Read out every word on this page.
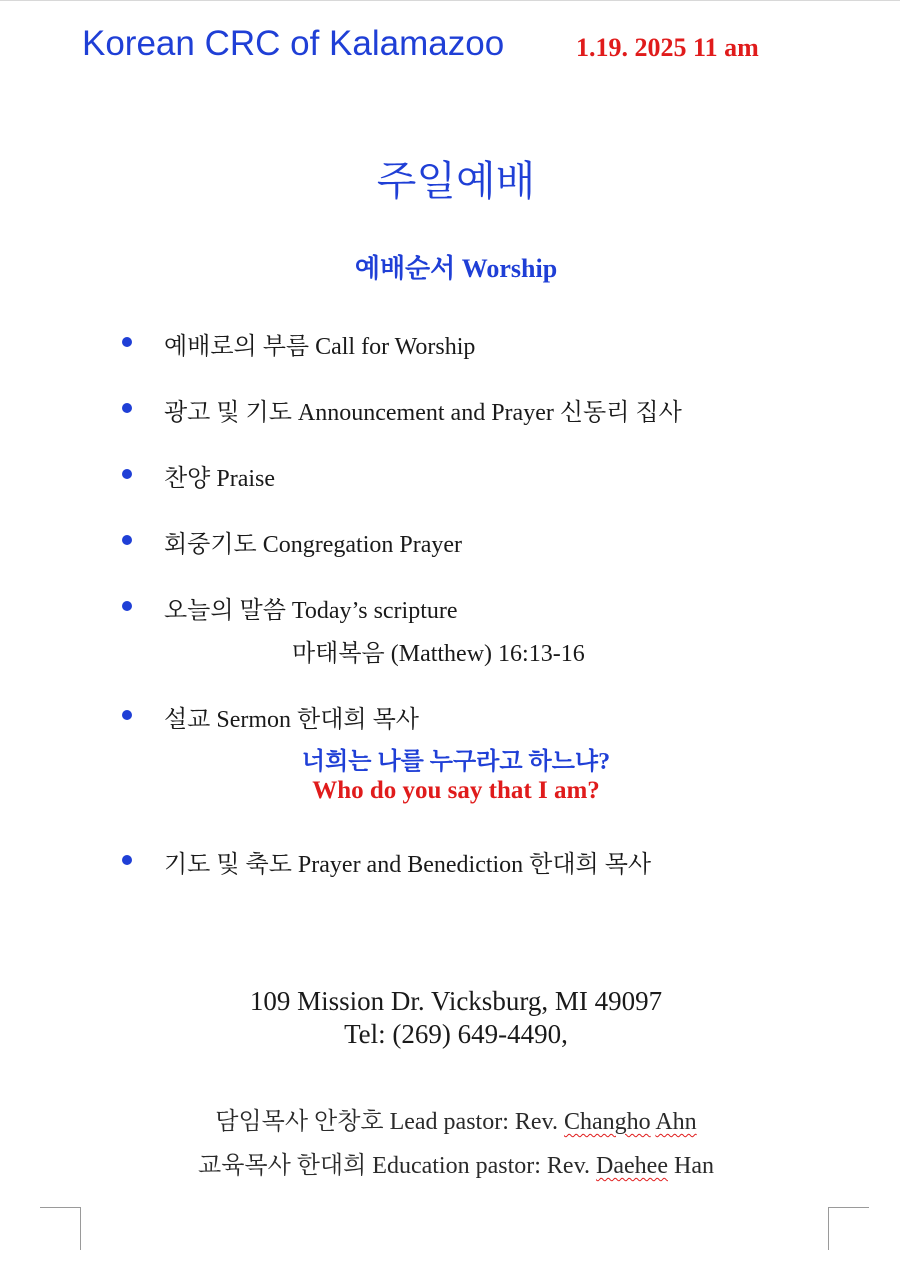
Korean CRC of Kalamazoo	1.19. 2025 11 am
주일예배
예배순서 Worship
예배로의 부름 Call for Worship
광고 및 기도 Announcement and Prayer 신동리 집사
찬양 Praise
회중기도 Congregation Prayer
오늘의 말씀 Today’s scripture
마태복음 (Matthew) 16:13-16
설교 Sermon 한대희 목사
너희는 나를 누구라고 하느냐?
Who do you say that I am?
기도 및 축도 Prayer and Benediction 한대희 목사
109 Mission Dr. Vicksburg, MI 49097
Tel: (269) 649-4490,
담임목사 안창호 Lead pastor: Rev. Changho Ahn
교육목사 한대희 Education pastor: Rev. Daehee Han
